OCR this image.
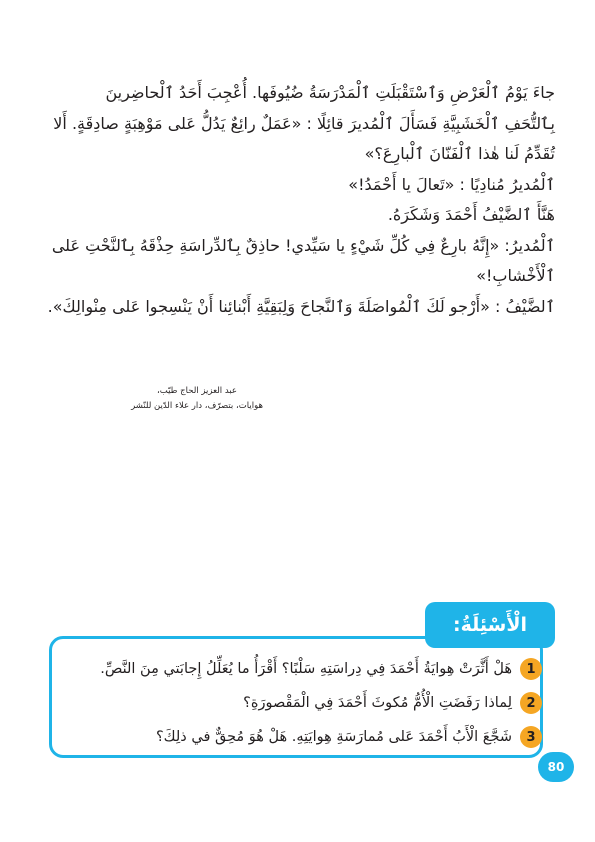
جاءَ يَوْمُ ٱلْعَرْضِ وَٱسْتَقْبَلَتِ ٱلْمَدْرَسَةُ ضُيُوفَها. أُعْجِبَ أَحَدُ ٱلْحاضِرينَ

بِٱلتُّحَفِ ٱلْخَشَبِيَّةِ فَسَأَلَ ٱلْمُديرَ قائِلًا : «عَمَلٌ رائِعٌ يَدُلُّ عَلى مَوْهِبَةٍ صادِقَةٍ. أَلا

تُقَدِّمُ لَنا هٰذا ٱلْفَنّانَ ٱلْبارِعَ؟»

ٱلْمُديرُ مُنادِيًا : «تَعالَ يا أَحْمَدُ!»

هَنَّأَ ٱلضَّيْفُ أَحْمَدَ وَشَكَرَهُ.

ٱلْمُديرُ: «إِنَّهُ بارِعٌ فِي كُلِّ شَيْءٍ يا سَيِّدي! حاذِقٌ بِٱلدِّراسَةِ حِذْقَهُ بِٱلنَّحْتِ عَلى

ٱلْأَخْشابِ!»

ٱلضَّيْفُ : «أَرْجو لَكَ ٱلْمُواصَلَةَ وَٱلنَّجاحَ وَلِبَقِيَّةِ أَبْنائِنا أَنْ يَنْسِجوا عَلى مِنْوالِكَ».

عبد العزيز الحاج طيّب،
هوايات، بتصرّف، دار علاء الدّين للنّشر
الْأَسْئِلَةُ:
1
هَلْ أَثَّرَتْ هِوايَةُ أَحْمَدَ فِي دِراسَتِهِ سَلْبًا؟ أَقْرَأُ ما يُعَلِّلُ إِجابَتي مِنَ النَّصِّ.
2
لِماذا رَفَضَتِ الْأُمُّ مُكوثَ أَحْمَدَ فِي الْمَقْصورَةِ؟
3
شَجَّعَ الْأَبُ أَحْمَدَ عَلى مُمارَسَةِ هِوايَتِهِ. هَلْ هُوَ مُحِقٌّ في ذلِكَ؟
80
